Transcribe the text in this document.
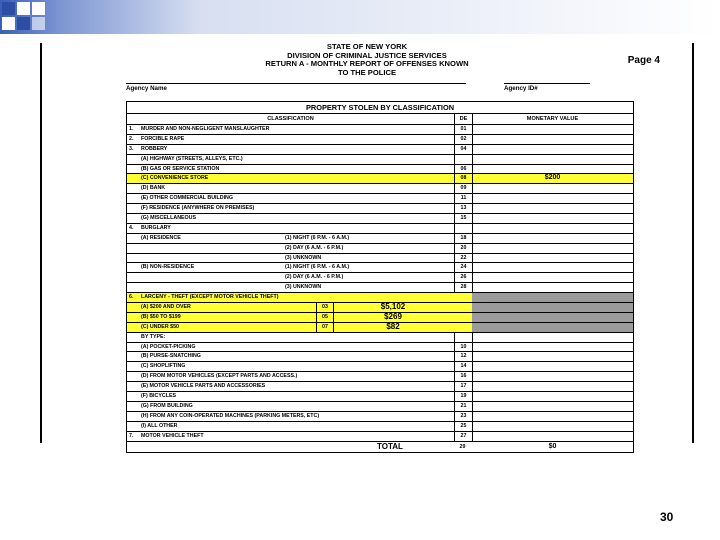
STATE OF NEW YORK
DIVISION OF CRIMINAL JUSTICE SERVICES
RETURN A - MONTHLY REPORT OF OFFENSES KNOWN
TO THE POLICE
Page 4
Agency Name	Agency ID#
PROPERTY STOLEN BY CLASSIFICATION
CLASSIFICATION	DE	MONETARY VALUE
1. MURDER AND NON-NEGLIGENT MANSLAUGHTER	01
2. FORCIBLE RAPE	02
3. ROBBERY	04
(A) HIGHWAY (STREETS, ALLEYS, ETC.)
(B) GAS OR SERVICE STATION	06
(C) CONVENIENCE STORE	08	$200
(D) BANK	09
(E) OTHER COMMERCIAL BUILDING	11
(F) RESIDENCE (ANYWHERE ON PREMISES)	13
(G) MISCELLANEOUS	15
4. BURGLARY
(A) RESIDENCE	(1) NIGHT (6 P.M. - 6 A.M.)	18
(2) DAY (6 A.M. - 6 P.M.)	20
(3) UNKNOWN	22
(B) NON-RESIDENCE	(1) NIGHT (6 P.M. - 6 A.M.)	24
(2) DAY (6 A.M. - 6 P.M.)	26
(3) UNKNOWN	28
6. LARCENY - THEFT (EXCEPT MOTOR VEHICLE THEFT)
(A) $200 AND OVER	03	$5,102
(B) $50 TO $199	05	$269
(C) UNDER $50	07	$82
BY TYPE:
(A) POCKET-PICKING	10
(B) PURSE-SNATCHING	12
(C) SHOPLIFTING	14
(D) FROM MOTOR VEHICLES (EXCEPT PARTS AND ACCESS.)	16
(E) MOTOR VEHICLE PARTS AND ACCESSORIES	17
(F) BICYCLES	19
(G) FROM BUILDING	21
(H) FROM ANY COIN-OPERATED MACHINES (PARKING METERS, ETC)	23
(I) ALL OTHER	25
7. MOTOR VEHICLE THEFT	27
TOTAL	29	$0
30
